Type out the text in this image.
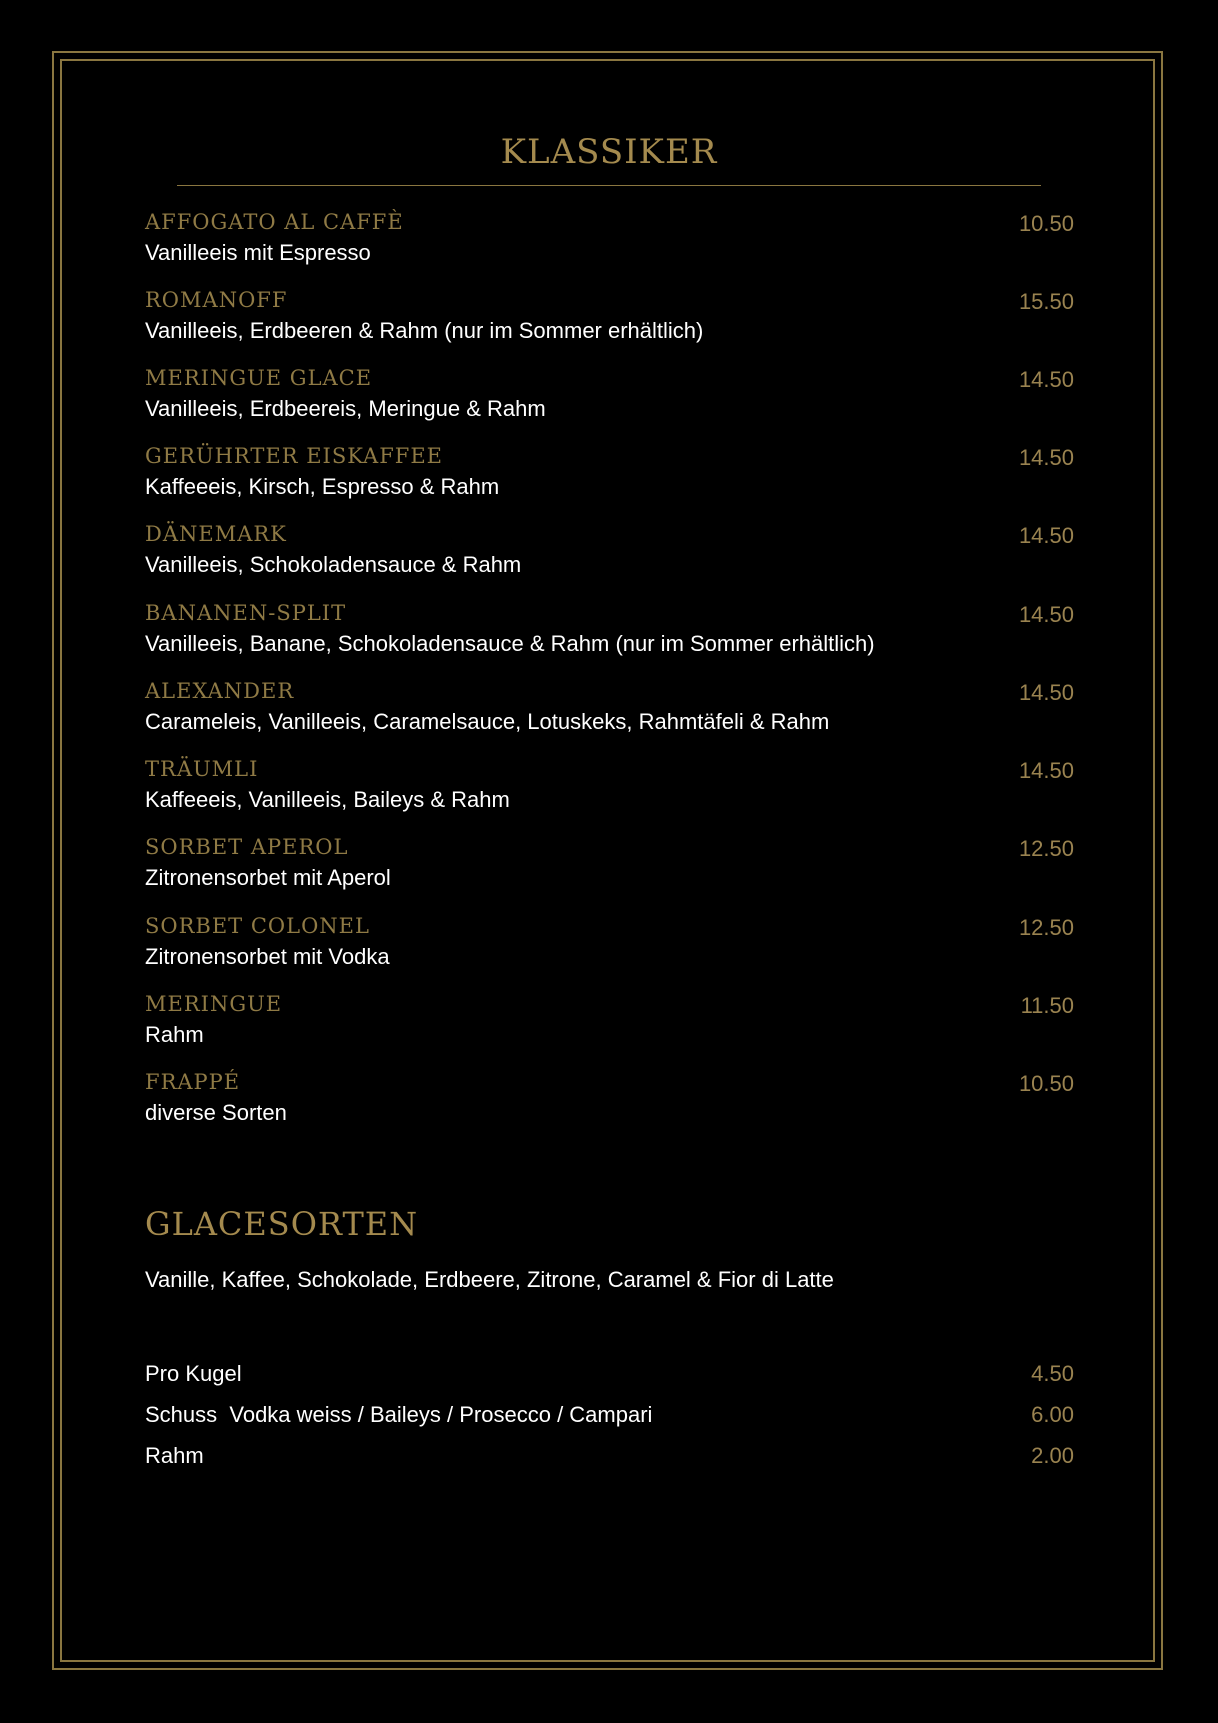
KLASSIKER
AFFOGATO AL CAFFÈ	10.50
Vanilleeis mit Espresso
ROMANOFF	15.50
Vanilleeis, Erdbeeren & Rahm (nur im Sommer erhältlich)
MERINGUE GLACE	14.50
Vanilleeis, Erdbeereis, Meringue & Rahm
GERÜHRTER EISKAFFEE	14.50
Kaffeeeis, Kirsch, Espresso & Rahm
DÄNEMARK	14.50
Vanilleeis, Schokoladensauce & Rahm
BANANEN-SPLIT	14.50
Vanilleeis, Banane, Schokoladensauce & Rahm (nur im Sommer erhältlich)
ALEXANDER	14.50
Carameleis, Vanilleeis, Caramelsauce, Lotuskeks, Rahmtäfeli & Rahm
TRÄUMLI	14.50
Kaffeeeis, Vanilleeis, Baileys & Rahm
SORBET APEROL	12.50
Zitronensorbet mit Aperol
SORBET COLONEL	12.50
Zitronensorbet mit Vodka
MERINGUE	11.50
Rahm
FRAPPÉ	10.50
diverse Sorten
GLACESORTEN
Vanille, Kaffee, Schokolade, Erdbeere, Zitrone, Caramel & Fior di Latte
Pro Kugel	4.50
Schuss  Vodka weiss / Baileys / Prosecco / Campari	6.00
Rahm	2.00
